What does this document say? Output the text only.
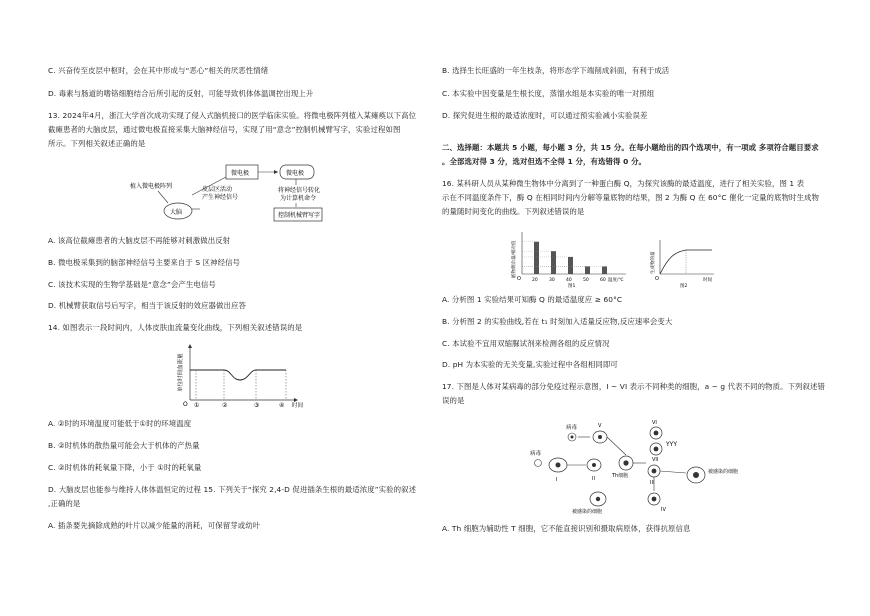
C. 兴奋传至皮层中枢时，会在其中形成与“恶心”相关的厌恶性情绪
D. 毒素与肠道的嗜铬细胞结合后所引起的反射，可能导致机体体温调控出现上升
13. 2024年4月，浙江大学首次成功实现了侵入式脑机接口的医学临床实验。将微电极阵列植入某瘫痪以下高位
截瘫患者的大脑皮层，通过微电极直接采集大脑神经信号，实现了用“意念”控制机械臂写字，实验过程如图
所示。下列相关叙述正确的是
植入微电极阵列
大脑
皮层区活动
产生神经信号
微电极	微电极
将神经信号转化
为计算机命令
控制机械臂写字
A. 该高位截瘫患者的大脑皮层不再能够对刺激做出反射
B. 微电极采集到的脑部神经信号主要来自于 S 区神经信号
C. 该技术实现的生物学基础是“意念”会产生电信号
D. 机械臂获取信号后写字，相当于该反射的效应器做出应答
14. 如图表示一段时间内，人体皮肤血流量变化曲线，下列相关叙述错误的是
单位时间血流量
O ①	②	③	④ 时间
A. ②时的环境温度可能低于①时的环境温度
B. ②时机体的散热量可能会大于机体的产热量
C. ②时机体的耗氧量下降，小于 ①时的耗氧量
D. 大脑皮层也能参与维持人体体温恒定的过程 15. 下列关于“探究 2,4-D 促进插条生根的最适浓度”实验的叙述
,正确的是
A. 插条要先摘除成熟的叶片以减少能量的消耗，可保留芽或幼叶
B. 选择生长旺盛的一年生枝条，将形态学下端削成斜面，有利于成活
C. 本实验中因变量是生根长度，蒸馏水组是本实验的唯一对照组
D. 探究促进生根的最适浓度时，可以通过预实验减小实验误差
二、选择题：本题共 5 小题，每小题 3 分，共 15 分。在每小题给出的四个选项中，有一项或 多项符合题目要求
。全部选对得 3 分，选对但选不全得 1 分，有选错得 0 分。
16. 某科研人员从某种微生物体中分离到了一种蛋白酶 Q，为探究该酶的最适温度，进行了相关实验，图 1 表
示在不同温度条件下，酶 Q 在相同时间内分解等量底物的结果，图 2 为酶 Q 在 60°C 催化一定量的底物时生成物
的量随时间变化的曲线。下列叙述错误的是
底物剩余量/相对值
O 20	30	40	50	60 温度/℃
图1
生成物的量
O	时间
图2
A. 分析图 1 实验结果可知酶 Q 的最适温度应 ≥ 60°C
B. 分析图 2 的实验曲线,若在 t₁ 时刻加入适量反应物,反应速率会变大
C. 本试验不宜用双缩脲试剂来检测各组的反应情况
D. pH 为本实验的无关变量,实验过程中各组相同即可
17. 下图是人体对某病毒的部分免疫过程示意图，I ~ VI 表示不同种类的细胞，a ~ g 代表不同的物质。下列叙述错
误的是
病毒	V	VI
VII
YYY
病毒
I	II	Th细胞
III
IV
被感染的细胞
被感染的细胞
A. Th 细胞为辅助性 T 细胞，它不能直接识别和摄取病原体，获得抗原信息
